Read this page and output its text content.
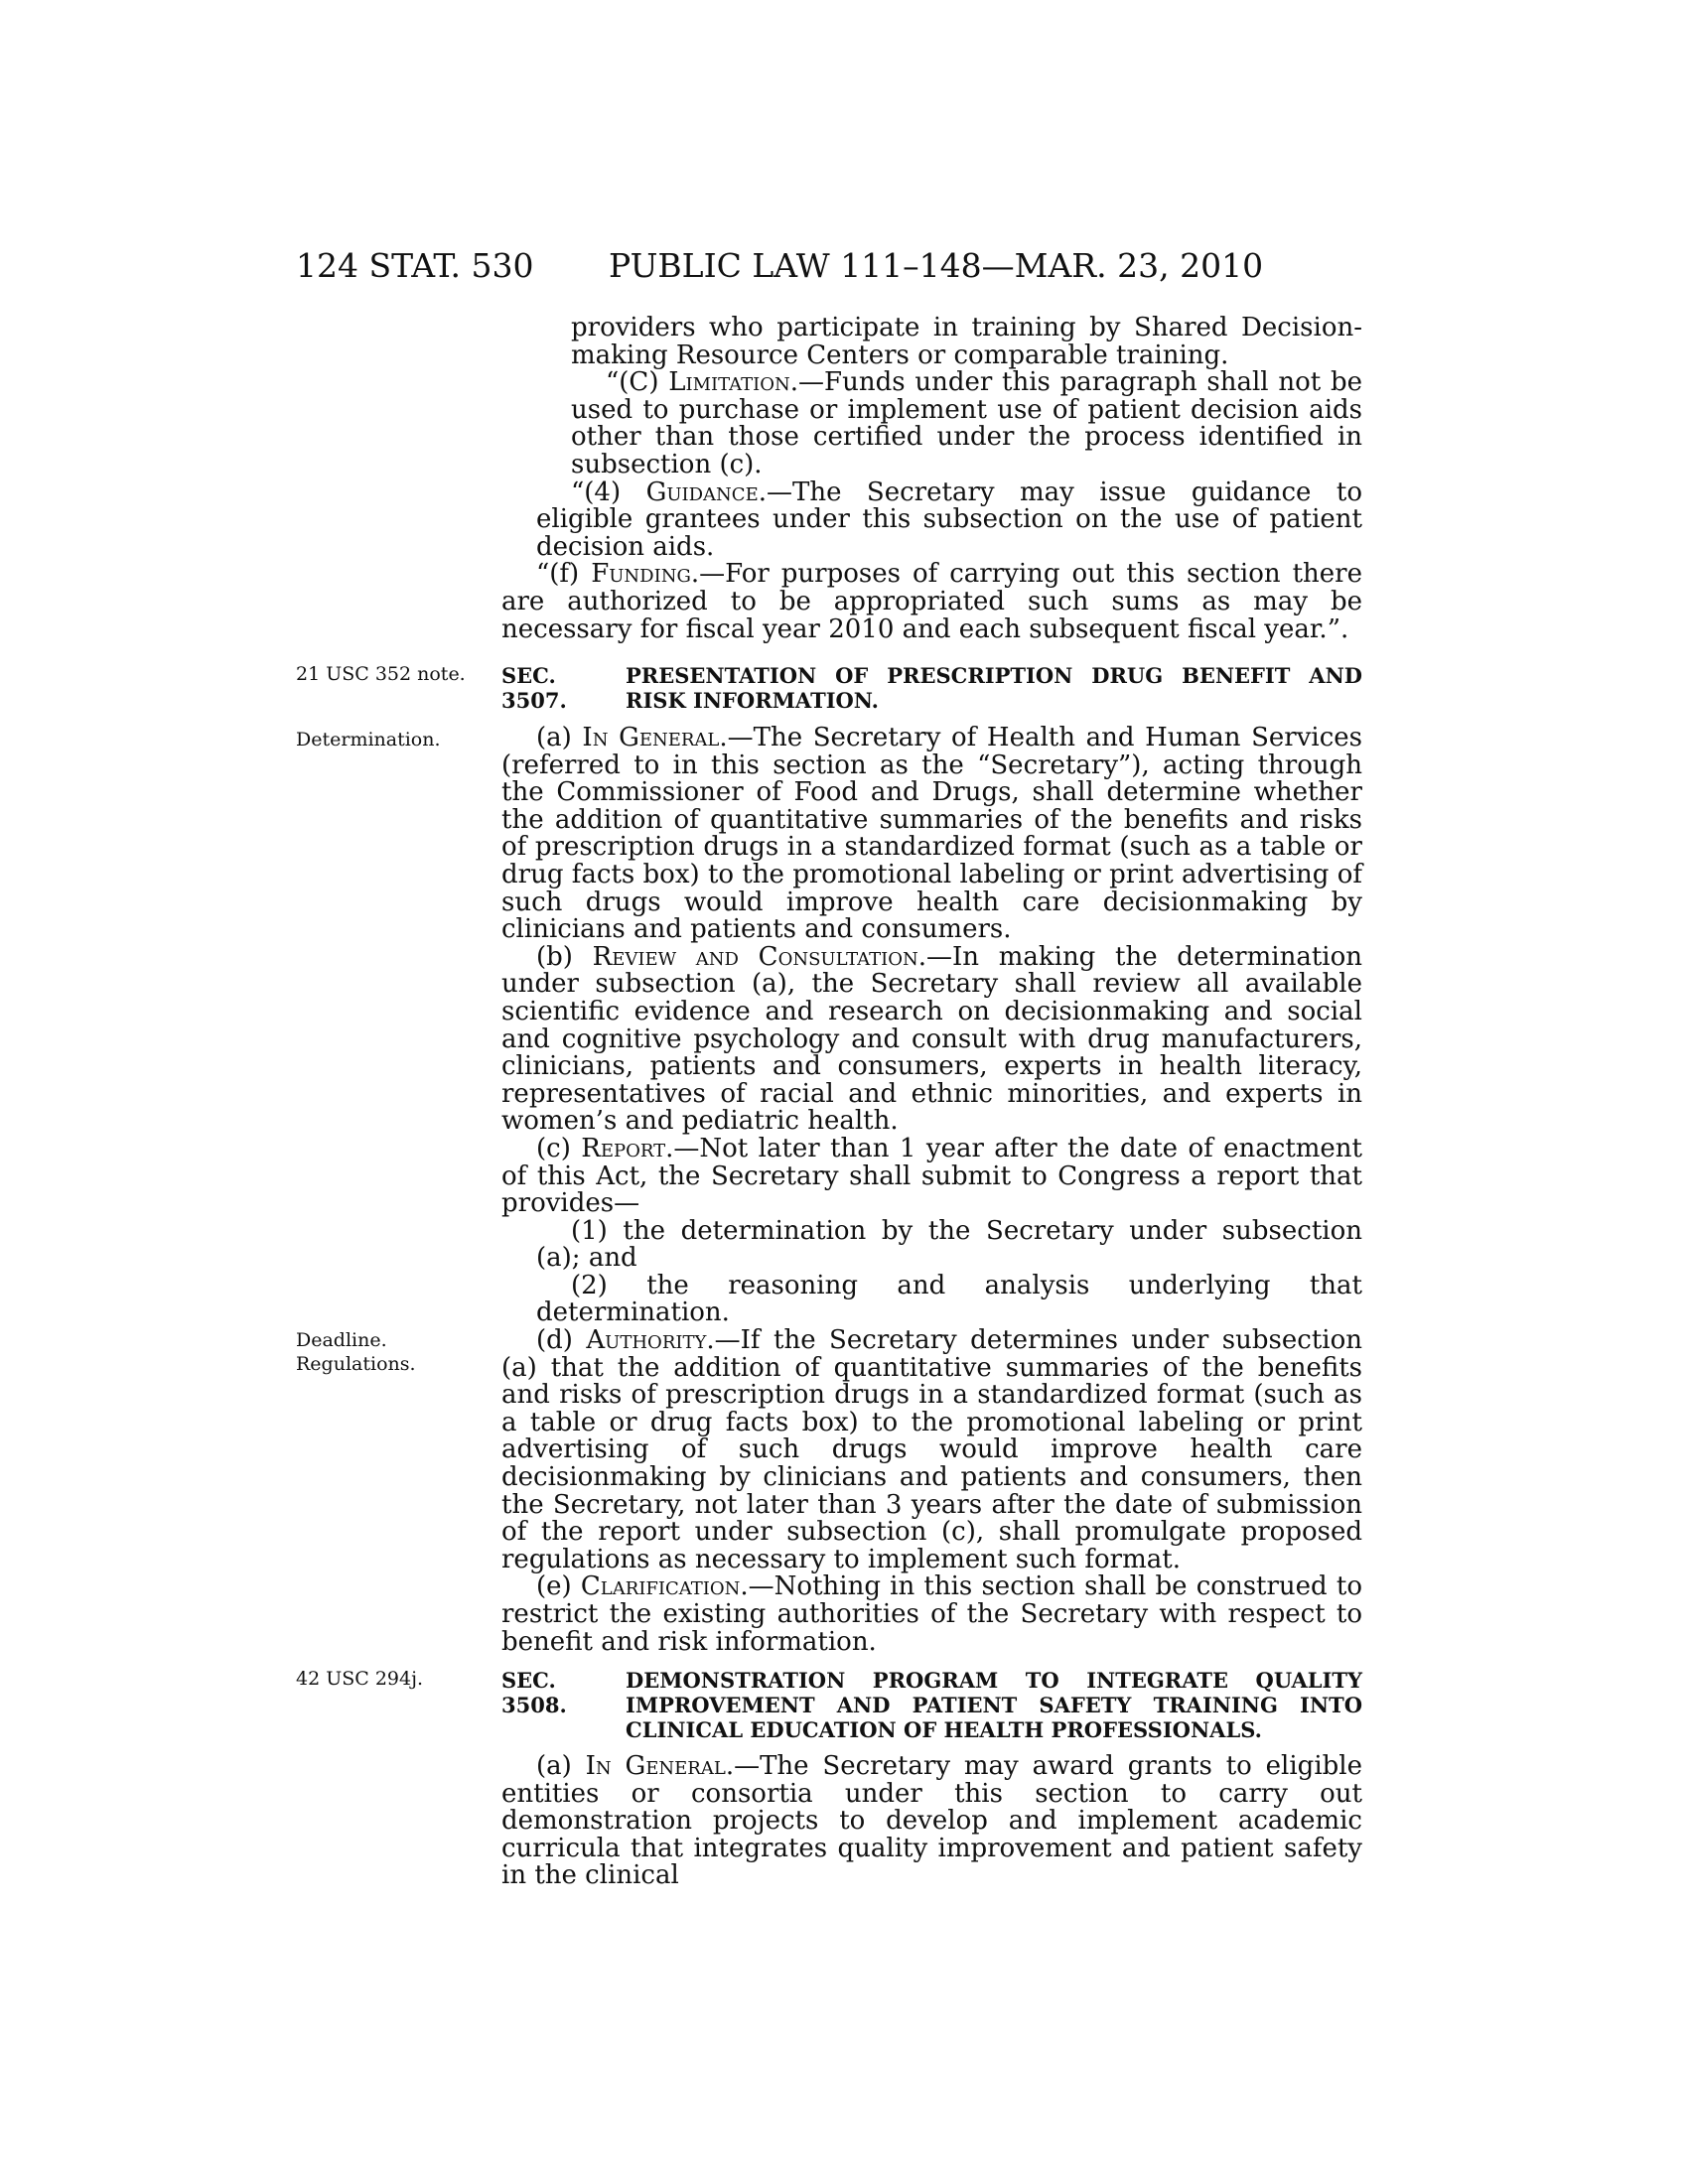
124 STAT. 530 PUBLIC LAW 111–148—MAR. 23, 2010

providers who participate in training by Shared Decision-making Resource Centers or comparable training.

“(C) Limitation.—Funds under this paragraph shall not be used to purchase or implement use of patient decision aids other than those certified under the process identified in subsection (c).

“(4) Guidance.—The Secretary may issue guidance to eligible grantees under this subsection on the use of patient decision aids.

“(f) Funding.—For purposes of carrying out this section there are authorized to be appropriated such sums as may be necessary for fiscal year 2010 and each subsequent fiscal year.”.

21 USC 352 note.
Determination.
Deadline.
Regulations.
42 USC 294j.
SEC. 3507.
PRESENTATION OF PRESCRIPTION DRUG BENEFIT AND RISK INFORMATION.

(a) In General.—The Secretary of Health and Human Services (referred to in this section as the “Secretary”), acting through the Commissioner of Food and Drugs, shall determine whether the addition of quantitative summaries of the benefits and risks of prescription drugs in a standardized format (such as a table or drug facts box) to the promotional labeling or print advertising of such drugs would improve health care decisionmaking by clinicians and patients and consumers.

(b) Review and Consultation.—In making the determination under subsection (a), the Secretary shall review all available scientific evidence and research on decisionmaking and social and cognitive psychology and consult with drug manufacturers, clinicians, patients and consumers, experts in health literacy, representatives of racial and ethnic minorities, and experts in women’s and pediatric health.

(c) Report.—Not later than 1 year after the date of enactment of this Act, the Secretary shall submit to Congress a report that provides—

(1) the determination by the Secretary under subsection (a); and

(2) the reasoning and analysis underlying that determination.

(d) Authority.—If the Secretary determines under subsection (a) that the addition of quantitative summaries of the benefits and risks of prescription drugs in a standardized format (such as a table or drug facts box) to the promotional labeling or print advertising of such drugs would improve health care decisionmaking by clinicians and patients and consumers, then the Secretary, not later than 3 years after the date of submission of the report under subsection (c), shall promulgate proposed regulations as necessary to implement such format.

(e) Clarification.—Nothing in this section shall be construed to restrict the existing authorities of the Secretary with respect to benefit and risk information.

SEC. 3508.
DEMONSTRATION PROGRAM TO INTEGRATE QUALITY IMPROVEMENT AND PATIENT SAFETY TRAINING INTO CLINICAL EDUCATION OF HEALTH PROFESSIONALS.

(a) In General.—The Secretary may award grants to eligible entities or consortia under this section to carry out demonstration projects to develop and implement academic curricula that integrates quality improvement and patient safety in the clinical
